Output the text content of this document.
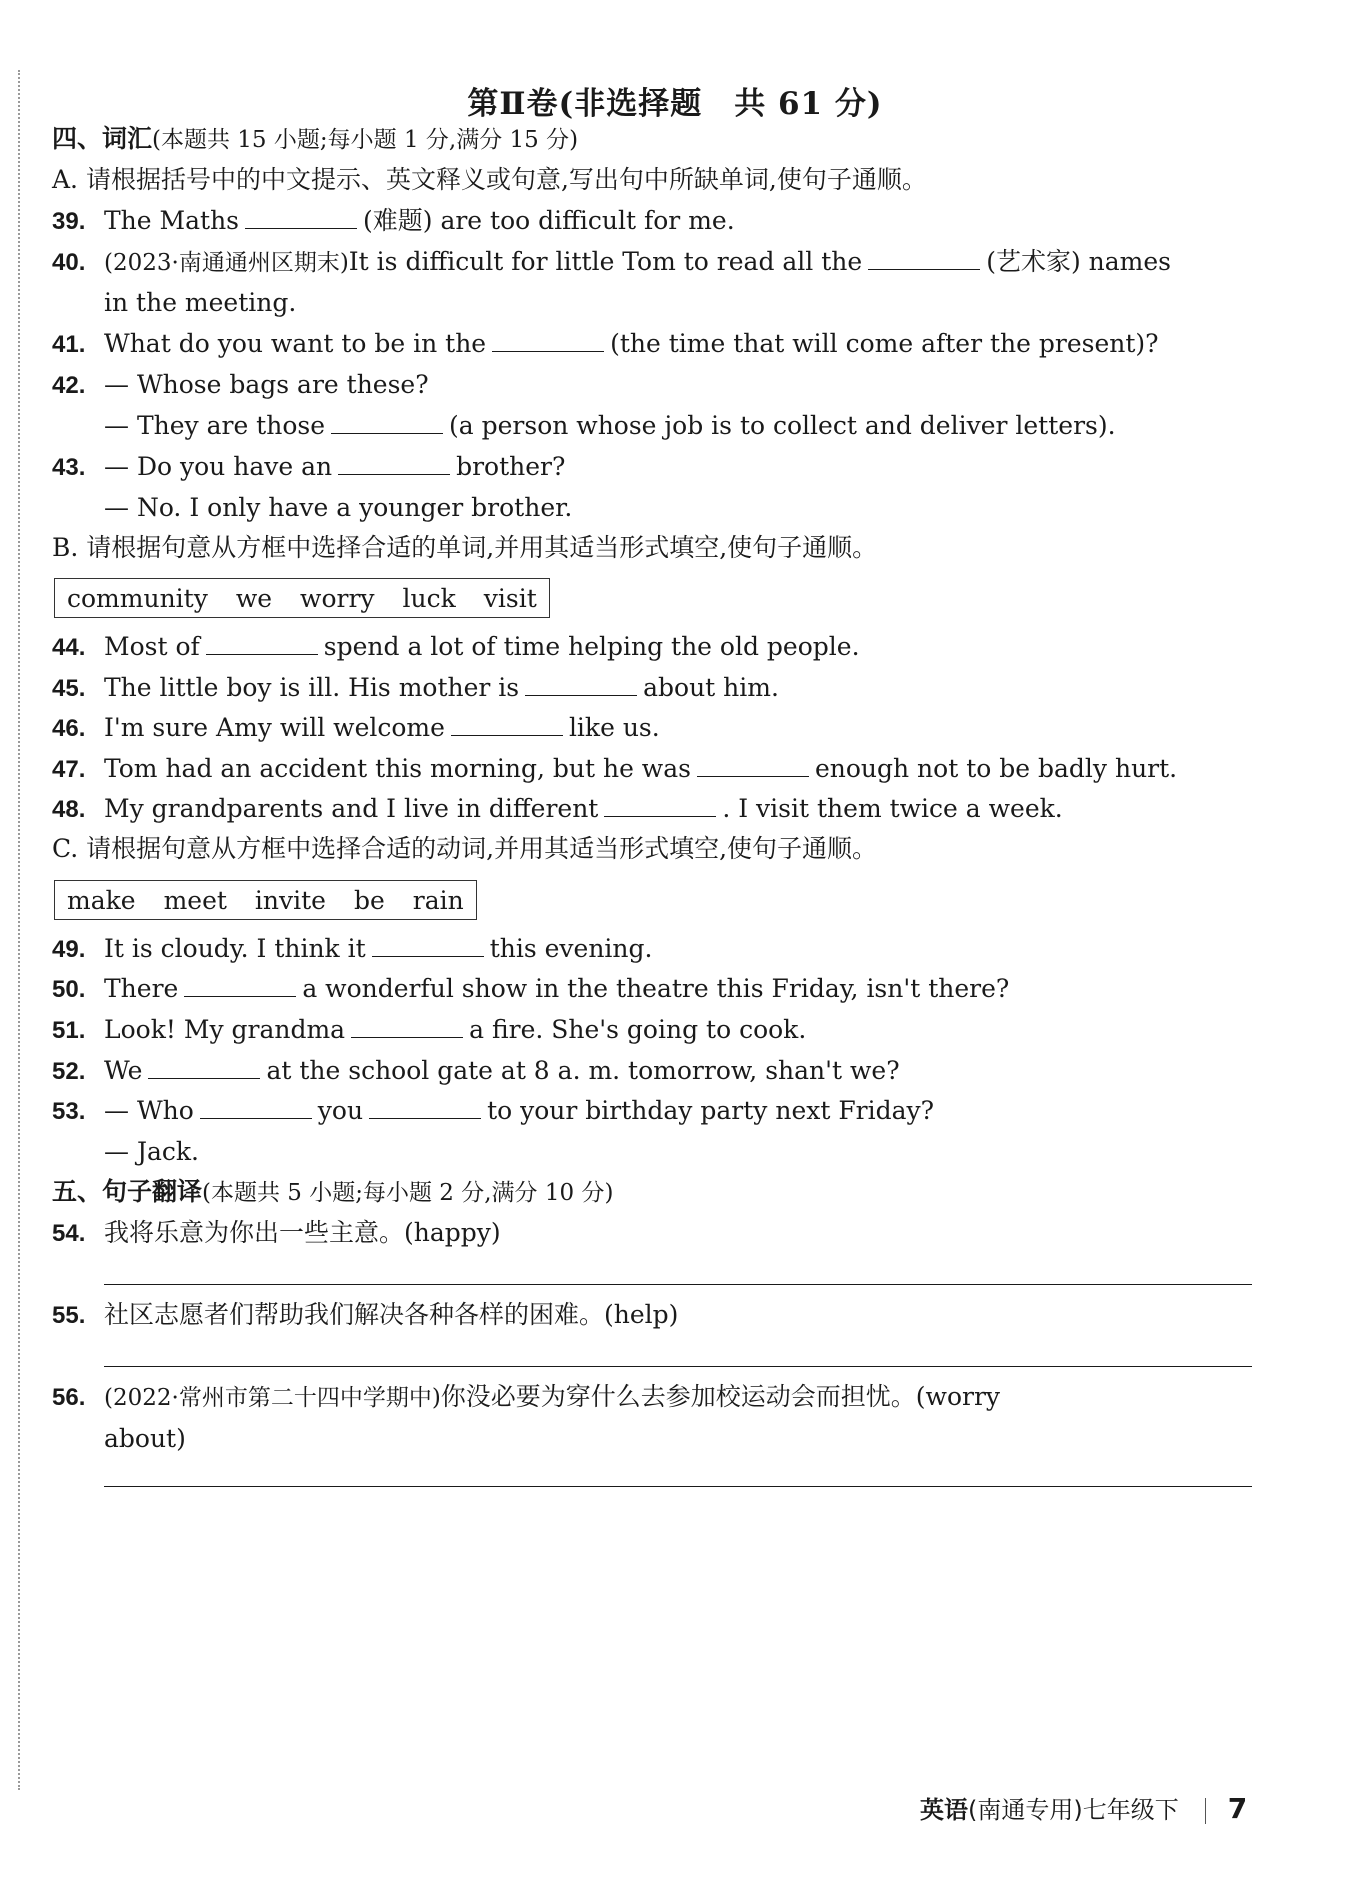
第Ⅱ卷(非选择题　共 61 分)
四、词汇(本题共 15 小题;每小题 1 分,满分 15 分)
A. 请根据括号中的中文提示、英文释义或句意,写出句中所缺单词,使句子通顺。
39. The Maths	(难题) are too difficult for me.
40. (2023·南通通州区期末)It is difficult for little Tom to read all the	(艺术家) names
in the meeting.
41. What do you want to be in the	(the time that will come after the present)?
42. — Whose bags are these?
— They are those	(a person whose job is to collect and deliver letters).
43. — Do you have an	brother?
— No. I only have a younger brother.
B. 请根据句意从方框中选择合适的单词,并用其适当形式填空,使句子通顺。
community we worry luck visit
44. Most of	spend a lot of time helping the old people.
45. The little boy is ill. His mother is	about him.
46. I'm sure Amy will welcome	like us.
47. Tom had an accident this morning, but he was	enough not to be badly hurt.
48. My grandparents and I live in different	. I visit them twice a week.
C. 请根据句意从方框中选择合适的动词,并用其适当形式填空,使句子通顺。
make meet invite be rain
49. It is cloudy. I think it	this evening.
50. There	a wonderful show in the theatre this Friday, isn't there?
51. Look! My grandma	a fire. She's going to cook.
52. We	at the school gate at 8 a. m. tomorrow, shan't we?
53. — Who	you	to your birthday party next Friday?
— Jack.
五、句子翻译(本题共 5 小题;每小题 2 分,满分 10 分)
54. 我将乐意为你出一些主意。(happy)
55. 社区志愿者们帮助我们解决各种各样的困难。(help)
56. (2022·常州市第二十四中学期中)你没必要为穿什么去参加校运动会而担忧。(worry
about)
英语(南通专用)七年级下 7
